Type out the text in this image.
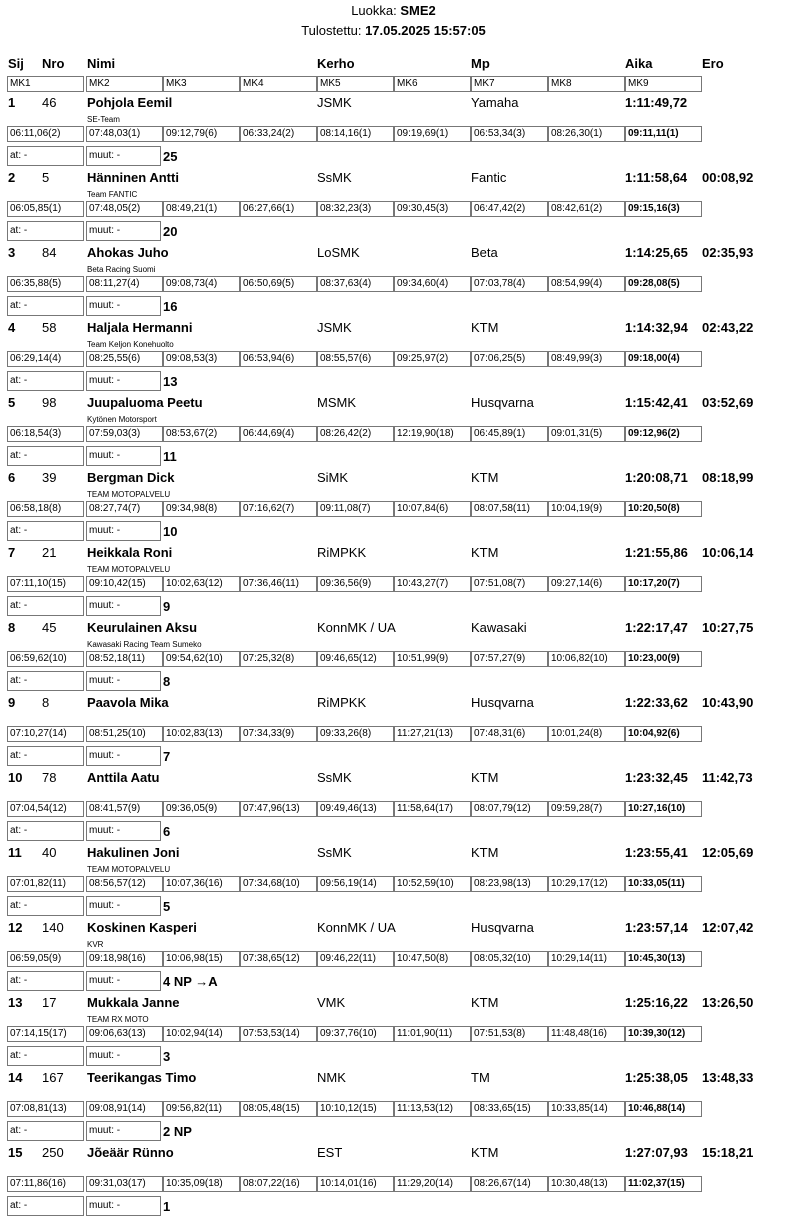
Luokka: SME2
Tulostettu: 17.05.2025 15:57:05
Sij Nro Nimi	Kerho	Mp	Aika	Ero
MK1	MK2	MK3	MK4	MK5	MK6	MK7	MK8	MK9
1 46 Pohjola Eemil	JSMK	Yamaha	1:11:49,72
SE-Team
06:11,06(2)	07:48,03(1)	09:12,79(6)	06:33,24(2)	08:14,16(1)	09:19,69(1)	06:53,34(3)	08:26,30(1)	09:11,11(1)
at: -	muut: -	25
2 5	Hänninen Antti	SsMK	Fantic	1:11:58,64 00:08,92
Team FANTIC
06:05,85(1)	07:48,05(2)	08:49,21(1)	06:27,66(1)	08:32,23(3)	09:30,45(3)	06:47,42(2)	08:42,61(2)	09:15,16(3)
at: -	muut: -	20
3 84 Ahokas Juho	LoSMK	Beta	1:14:25,65 02:35,93
Beta Racing Suomi
06:35,88(5)	08:11,27(4)	09:08,73(4)	06:50,69(5)	08:37,63(4)	09:34,60(4)	07:03,78(4)	08:54,99(4)	09:28,08(5)
at: -	muut: -	16
4 58 Haljala Hermanni	JSMK	KTM	1:14:32,94 02:43,22
Team Keljon Konehuolto
06:29,14(4)	08:25,55(6)	09:08,53(3)	06:53,94(6)	08:55,57(6)	09:25,97(2)	07:06,25(5)	08:49,99(3)	09:18,00(4)
at: -	muut: -	13
5 98 Juupaluoma Peetu	MSMK	Husqvarna	1:15:42,41 03:52,69
Kytönen Motorsport
06:18,54(3)	07:59,03(3)	08:53,67(2)	06:44,69(4)	08:26,42(2)	12:19,90(18)	06:45,89(1)	09:01,31(5)	09:12,96(2)
at: -	muut: -	11
6 39 Bergman Dick	SiMK	KTM	1:20:08,71 08:18,99
TEAM MOTOPALVELU
06:58,18(8)	08:27,74(7)	09:34,98(8)	07:16,62(7)	09:11,08(7)	10:07,84(6)	08:07,58(11)	10:04,19(9)	10:20,50(8)
at: -	muut: -	10
7 21 Heikkala Roni	RiMPKK	KTM	1:21:55,86 10:06,14
TEAM MOTOPALVELU
07:11,10(15)	09:10,42(15)	10:02,63(12)	07:36,46(11)	09:36,56(9)	10:43,27(7)	07:51,08(7)	09:27,14(6)	10:17,20(7)
at: -	muut: -	9
8 45 Keurulainen Aksu	KonnMK / UA	Kawasaki	1:22:17,47 10:27,75
Kawasaki Racing Team Sumeko
06:59,62(10)	08:52,18(11)	09:54,62(10)	07:25,32(8)	09:46,65(12)	10:51,99(9)	07:57,27(9)	10:06,82(10)	10:23,00(9)
at: -	muut: -	8
9 8	Paavola Mika	RiMPKK	Husqvarna	1:22:33,62 10:43,90
07:10,27(14)	08:51,25(10)	10:02,83(13)	07:34,33(9)	09:33,26(8)	11:27,21(13)	07:48,31(6)	10:01,24(8)	10:04,92(6)
at: -	muut: -	7
10 78 Anttila Aatu	SsMK	KTM	1:23:32,45 11:42,73
07:04,54(12)	08:41,57(9)	09:36,05(9)	07:47,96(13)	09:49,46(13)	11:58,64(17)	08:07,79(12)	09:59,28(7)	10:27,16(10)
at: -	muut: -	6
11 40 Hakulinen Joni	SsMK	KTM	1:23:55,41 12:05,69
TEAM MOTOPALVELU
07:01,82(11)	08:56,57(12)	10:07,36(16)	07:34,68(10)	09:56,19(14)	10:52,59(10)	08:23,98(13)	10:29,17(12)	10:33,05(11)
at: -	muut: -	5
12 140 Koskinen Kasperi	KonnMK / UA	Husqvarna	1:23:57,14 12:07,42
KVR
06:59,05(9)	09:18,98(16)	10:06,98(15)	07:38,65(12)	09:46,22(11)	10:47,50(8)	08:05,32(10)	10:29,14(11)	10:45,30(13)
at: -	muut: -	4 NP →A
13 17 Mukkala Janne	VMK	KTM	1:25:16,22 13:26,50
TEAM RX MOTO
07:14,15(17)	09:06,63(13)	10:02,94(14)	07:53,53(14)	09:37,76(10)	11:01,90(11)	07:51,53(8)	11:48,48(16)	10:39,30(12)
at: -	muut: -	3
14 167 Teerikangas Timo	NMK	TM	1:25:38,05 13:48,33
07:08,81(13)	09:08,91(14)	09:56,82(11)	08:05,48(15)	10:10,12(15)	11:13,53(12)	08:33,65(15)	10:33,85(14)	10:46,88(14)
at: -	muut: -	2 NP
15 250 Jõeäär Rünno	EST	KTM	1:27:07,93 15:18,21
07:11,86(16)	09:31,03(17)	10:35,09(18)	08:07,22(16)	10:14,01(16)	11:29,20(14)	08:26,67(14)	10:30,48(13)	11:02,37(15)
at: -	muut: -	1
